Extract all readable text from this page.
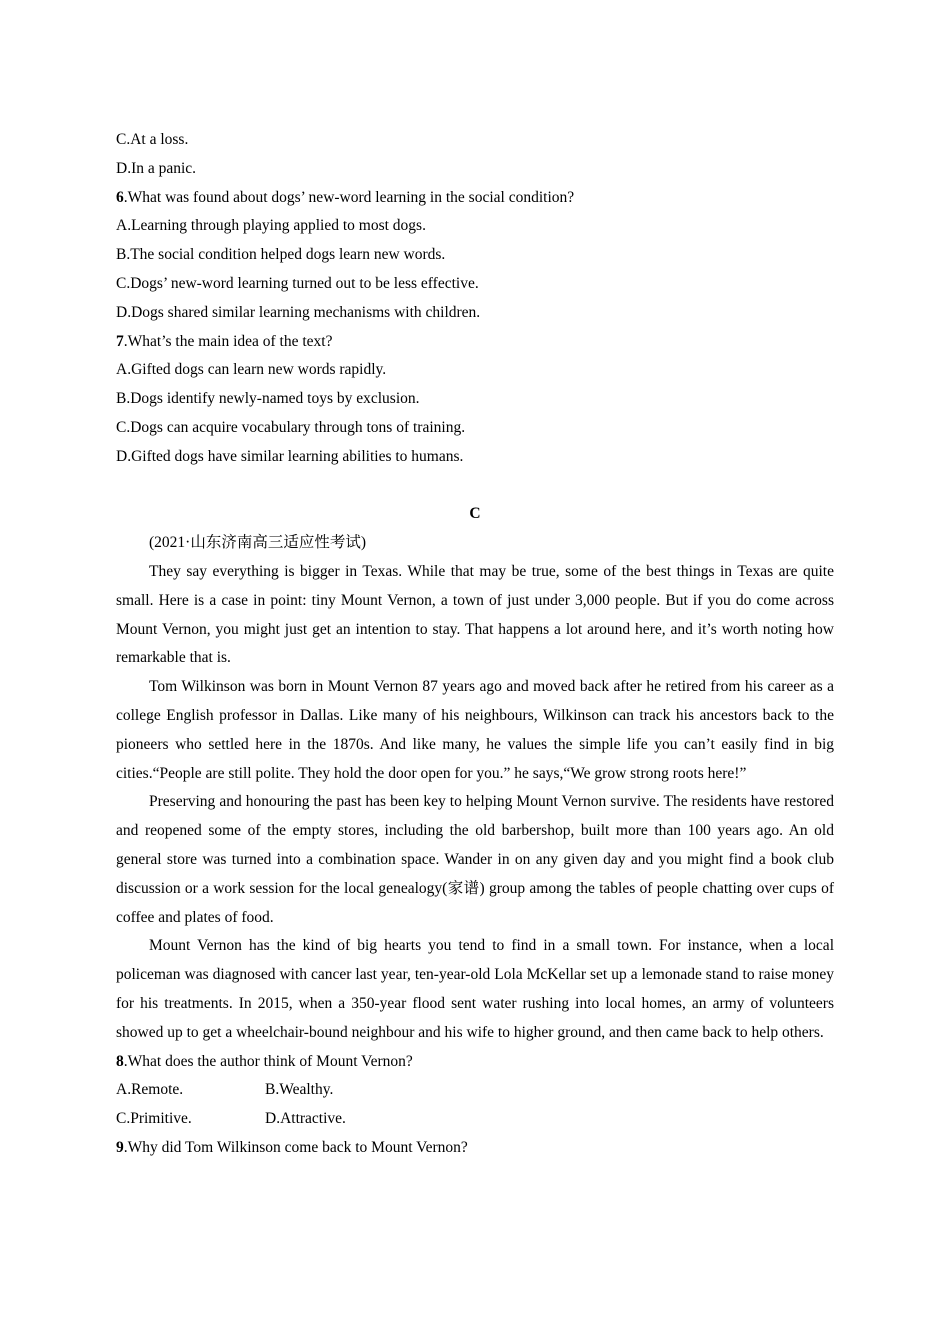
C.At a loss.
D.In a panic.
6.What was found about dogs’ new-word learning in the social condition?
A.Learning through playing applied to most dogs.
B.The social condition helped dogs learn new words.
C.Dogs’ new-word learning turned out to be less effective.
D.Dogs shared similar learning mechanisms with children.
7.What’s the main idea of the text?
A.Gifted dogs can learn new words rapidly.
B.Dogs identify newly-named toys by exclusion.
C.Dogs can acquire vocabulary through tons of training.
D.Gifted dogs have similar learning abilities to humans.
C
(2021·山东济南高三适应性考试)
They say everything is bigger in Texas. While that may be true, some of the best things in Texas are quite small. Here is a case in point: tiny Mount Vernon, a town of just under 3,000 people. But if you do come across Mount Vernon, you might just get an intention to stay. That happens a lot around here, and it’s worth noting how remarkable that is.
Tom Wilkinson was born in Mount Vernon 87 years ago and moved back after he retired from his career as a college English professor in Dallas. Like many of his neighbours, Wilkinson can track his ancestors back to the pioneers who settled here in the 1870s. And like many, he values the simple life you can’t easily find in big cities.“People are still polite. They hold the door open for you.” he says,“We grow strong roots here!”
Preserving and honouring the past has been key to helping Mount Vernon survive. The residents have restored and reopened some of the empty stores, including the old barbershop, built more than 100 years ago. An old general store was turned into a combination space. Wander in on any given day and you might find a book club discussion or a work session for the local genealogy(家谱) group among the tables of people chatting over cups of coffee and plates of food.
Mount Vernon has the kind of big hearts you tend to find in a small town. For instance, when a local policeman was diagnosed with cancer last year, ten-year-old Lola McKellar set up a lemonade stand to raise money for his treatments. In 2015, when a 350-year flood sent water rushing into local homes, an army of volunteers showed up to get a wheelchair-bound neighbour and his wife to higher ground, and then came back to help others.
8.What does the author think of Mount Vernon?
A.Remote.	B.Wealthy.
C.Primitive.	D.Attractive.
9.Why did Tom Wilkinson come back to Mount Vernon?
